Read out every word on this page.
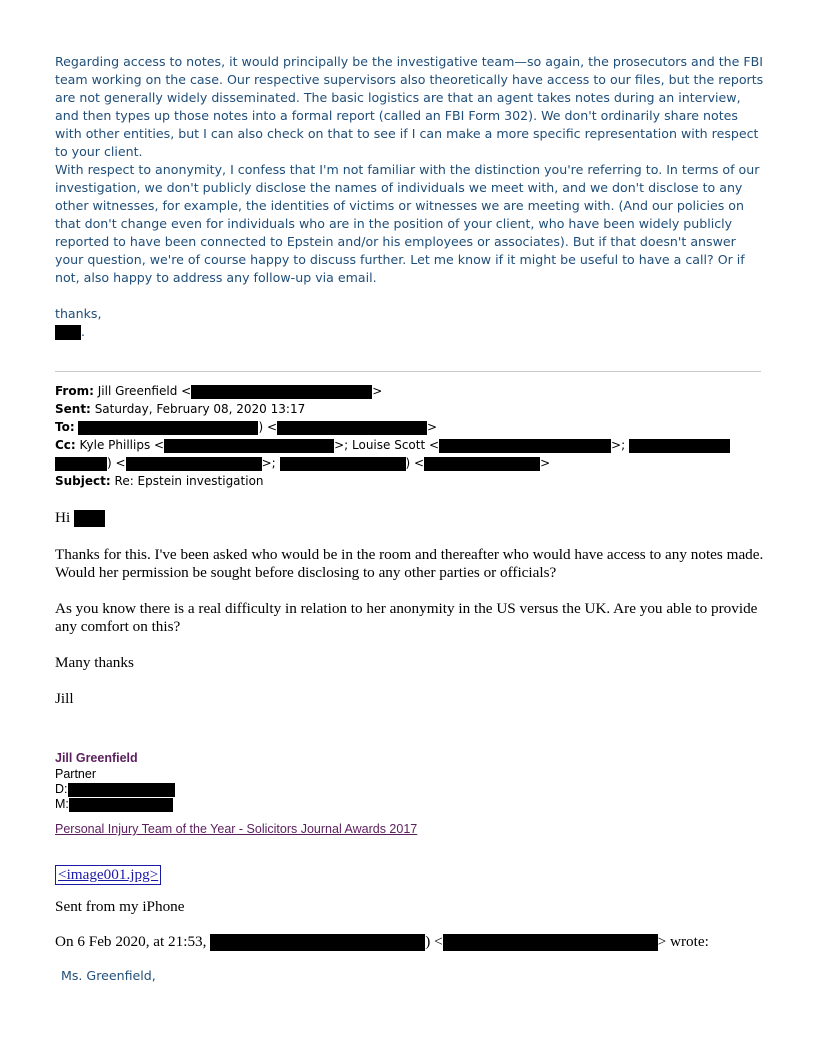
Regarding access to notes, it would principally be the investigative team—so again, the prosecutors and the FBI team working on the case. Our respective supervisors also theoretically have access to our files, but the reports are not generally widely disseminated. The basic logistics are that an agent takes notes during an interview, and then types up those notes into a formal report (called an FBI Form 302). We don't ordinarily share notes with other entities, but I can also check on that to see if I can make a more specific representation with respect to your client.

With respect to anonymity, I confess that I'm not familiar with the distinction you're referring to. In terms of our investigation, we don't publicly disclose the names of individuals we meet with, and we don't disclose to any other witnesses, for example, the identities of victims or witnesses we are meeting with. (And our policies on that don't change even for individuals who are in the position of your client, who have been widely publicly reported to have been connected to Epstein and/or his employees or associates). But if that doesn't answer your question, we're of course happy to discuss further. Let me know if it might be useful to have a call? Or if not, also happy to address any follow-up via email.

thanks,

.
From: Jill Greenfield <	>
Sent: Saturday, February 08, 2020 13:17
To:	) <	>
Cc: Kyle Phillips <	>; Louise Scott <	>;
) <	>;	) <	>
Subject: Re: Epstein investigation
Hi

Thanks for this. I've been asked who would be in the room and thereafter who would have access to any notes made. Would her permission be sought before disclosing to any other parties or officials?

As you know there is a real difficulty in relation to her anonymity in the US versus the UK. Are you able to provide any comfort on this?

Many thanks

Jill

Jill Greenfield
Partner
D:
M:
Personal Injury Team of the Year - Solicitors Journal Awards 2017
<image001.jpg>

Sent from my iPhone

On 6 Feb 2020, at 21:53,	) <	> wrote:

Ms. Greenfield,
